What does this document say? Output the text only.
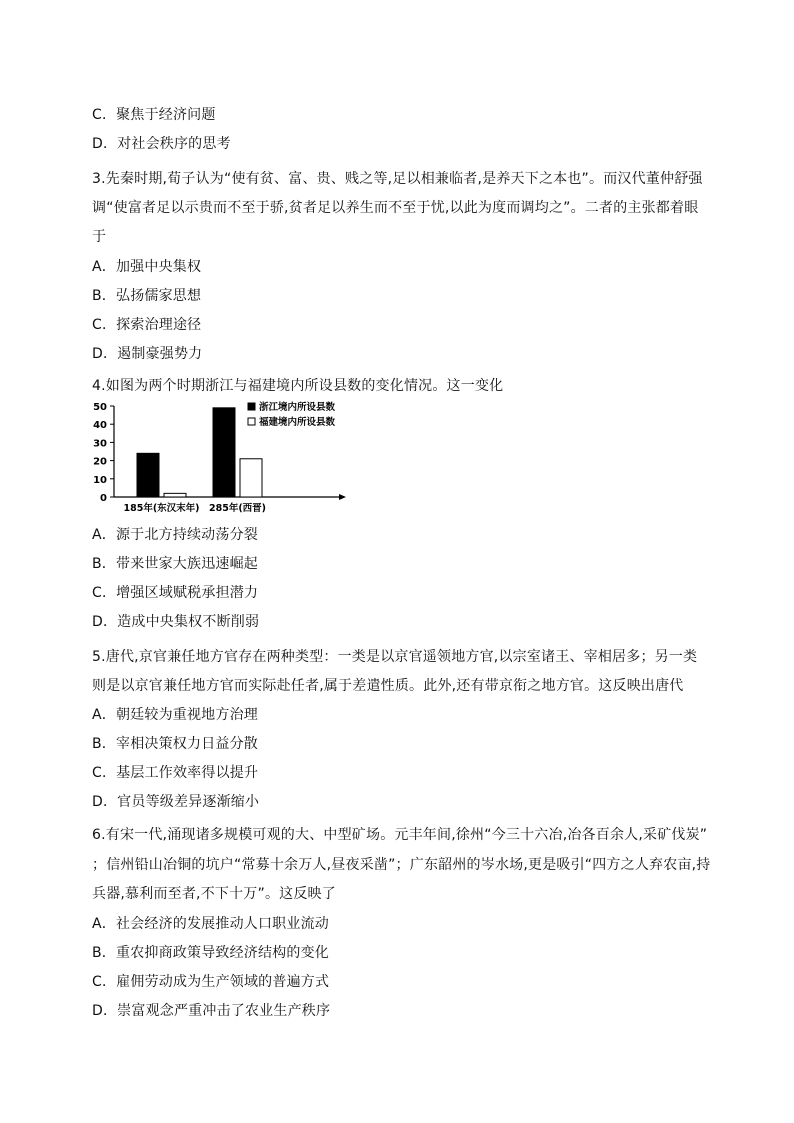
C．聚焦于经济问题
D．对社会秩序的思考
3.先秦时期,荀子认为“使有贫、富、贵、贱之等,足以相兼临者,是养天下之本也”。而汉代董仲舒强
调“使富者足以示贵而不至于骄,贫者足以养生而不至于忧,以此为度而调均之”。二者的主张都着眼
于
A．加强中央集权
B．弘扬儒家思想
C．探索治理途径
D．遏制豪强势力
4.如图为两个时期浙江与福建境内所设县数的变化情况。这一变化
50
40
30
20
10
0
185年(东汉末年) 285年(西晋)
浙江境内所设县数
福建境内所设县数
A．源于北方持续动荡分裂
B．带来世家大族迅速崛起
C．增强区域赋税承担潜力
D．造成中央集权不断削弱
5.唐代,京官兼任地方官存在两种类型：一类是以京官遥领地方官,以宗室诸王、宰相居多；另一类
则是以京官兼任地方官而实际赴任者,属于差遣性质。此外,还有带京衔之地方官。这反映出唐代
A．朝廷较为重视地方治理
B．宰相决策权力日益分散
C．基层工作效率得以提升
D．官员等级差异逐渐缩小
6.有宋一代,涌现诸多规模可观的大、中型矿场。元丰年间,徐州“今三十六冶,冶各百余人,采矿伐炭”
；信州铅山冶铜的坑户“常募十余万人,昼夜采凿”；广东韶州的岑水场,更是吸引“四方之人弃农亩,持
兵器,慕利而至者,不下十万”。这反映了
A．社会经济的发展推动人口职业流动
B．重农抑商政策导致经济结构的变化
C．雇佣劳动成为生产领域的普遍方式
D．崇富观念严重冲击了农业生产秩序
